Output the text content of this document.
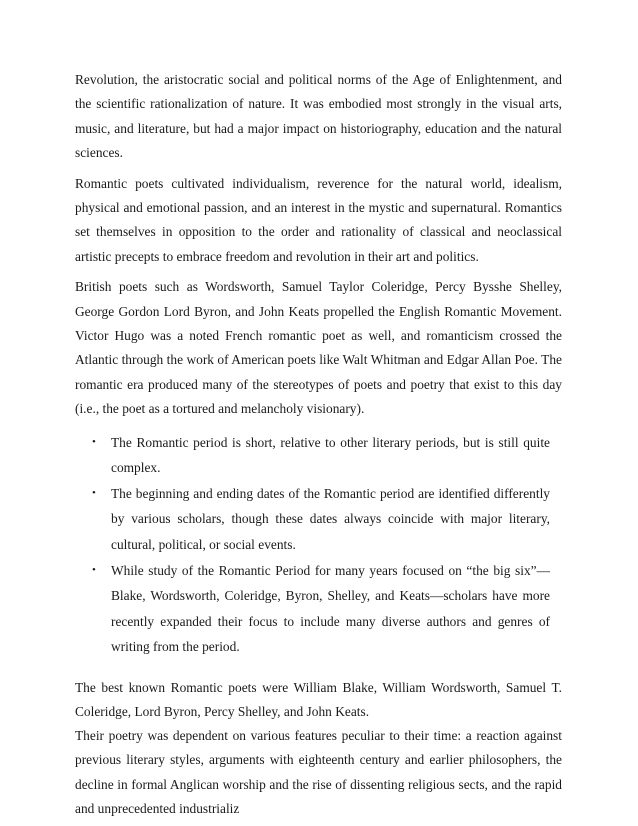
Revolution, the aristocratic social and political norms of the Age of Enlightenment, and the scientific rationalization of nature. It was embodied most strongly in the visual arts, music, and literature, but had a major impact on historiography, education and the natural sciences.

Romantic poets cultivated individualism, reverence for the natural world, idealism, physical and emotional passion, and an interest in the mystic and supernatural. Romantics set themselves in opposition to the order and rationality of classical and neoclassical artistic precepts to embrace freedom and revolution in their art and politics.

British poets such as Wordsworth, Samuel Taylor Coleridge, Percy Bysshe Shelley, George Gordon Lord Byron, and John Keats propelled the English Romantic Movement. Victor Hugo was a noted French romantic poet as well, and romanticism crossed the Atlantic through the work of American poets like Walt Whitman and Edgar Allan Poe. The romantic era produced many of the stereotypes of poets and poetry that exist to this day (i.e., the poet as a tortured and melancholy visionary).

• The Romantic period is short, relative to other literary periods, but is still quite complex.
• The beginning and ending dates of the Romantic period are identified differently by various scholars, though these dates always coincide with major literary, cultural, political, or social events.
• While study of the Romantic Period for many years focused on “the big six”— Blake, Wordsworth, Coleridge, Byron, Shelley, and Keats—scholars have more recently expanded their focus to include many diverse authors and genres of writing from the period.

The best known Romantic poets were William Blake, William Wordsworth, Samuel T. Coleridge, Lord Byron, Percy Shelley, and John Keats.

Their poetry was dependent on various features peculiar to their time: a reaction against previous literary styles, arguments with eighteenth century and earlier philosophers, the decline in formal Anglican worship and the rise of dissenting religious sects, and the rapid and unprecedented industrializ
